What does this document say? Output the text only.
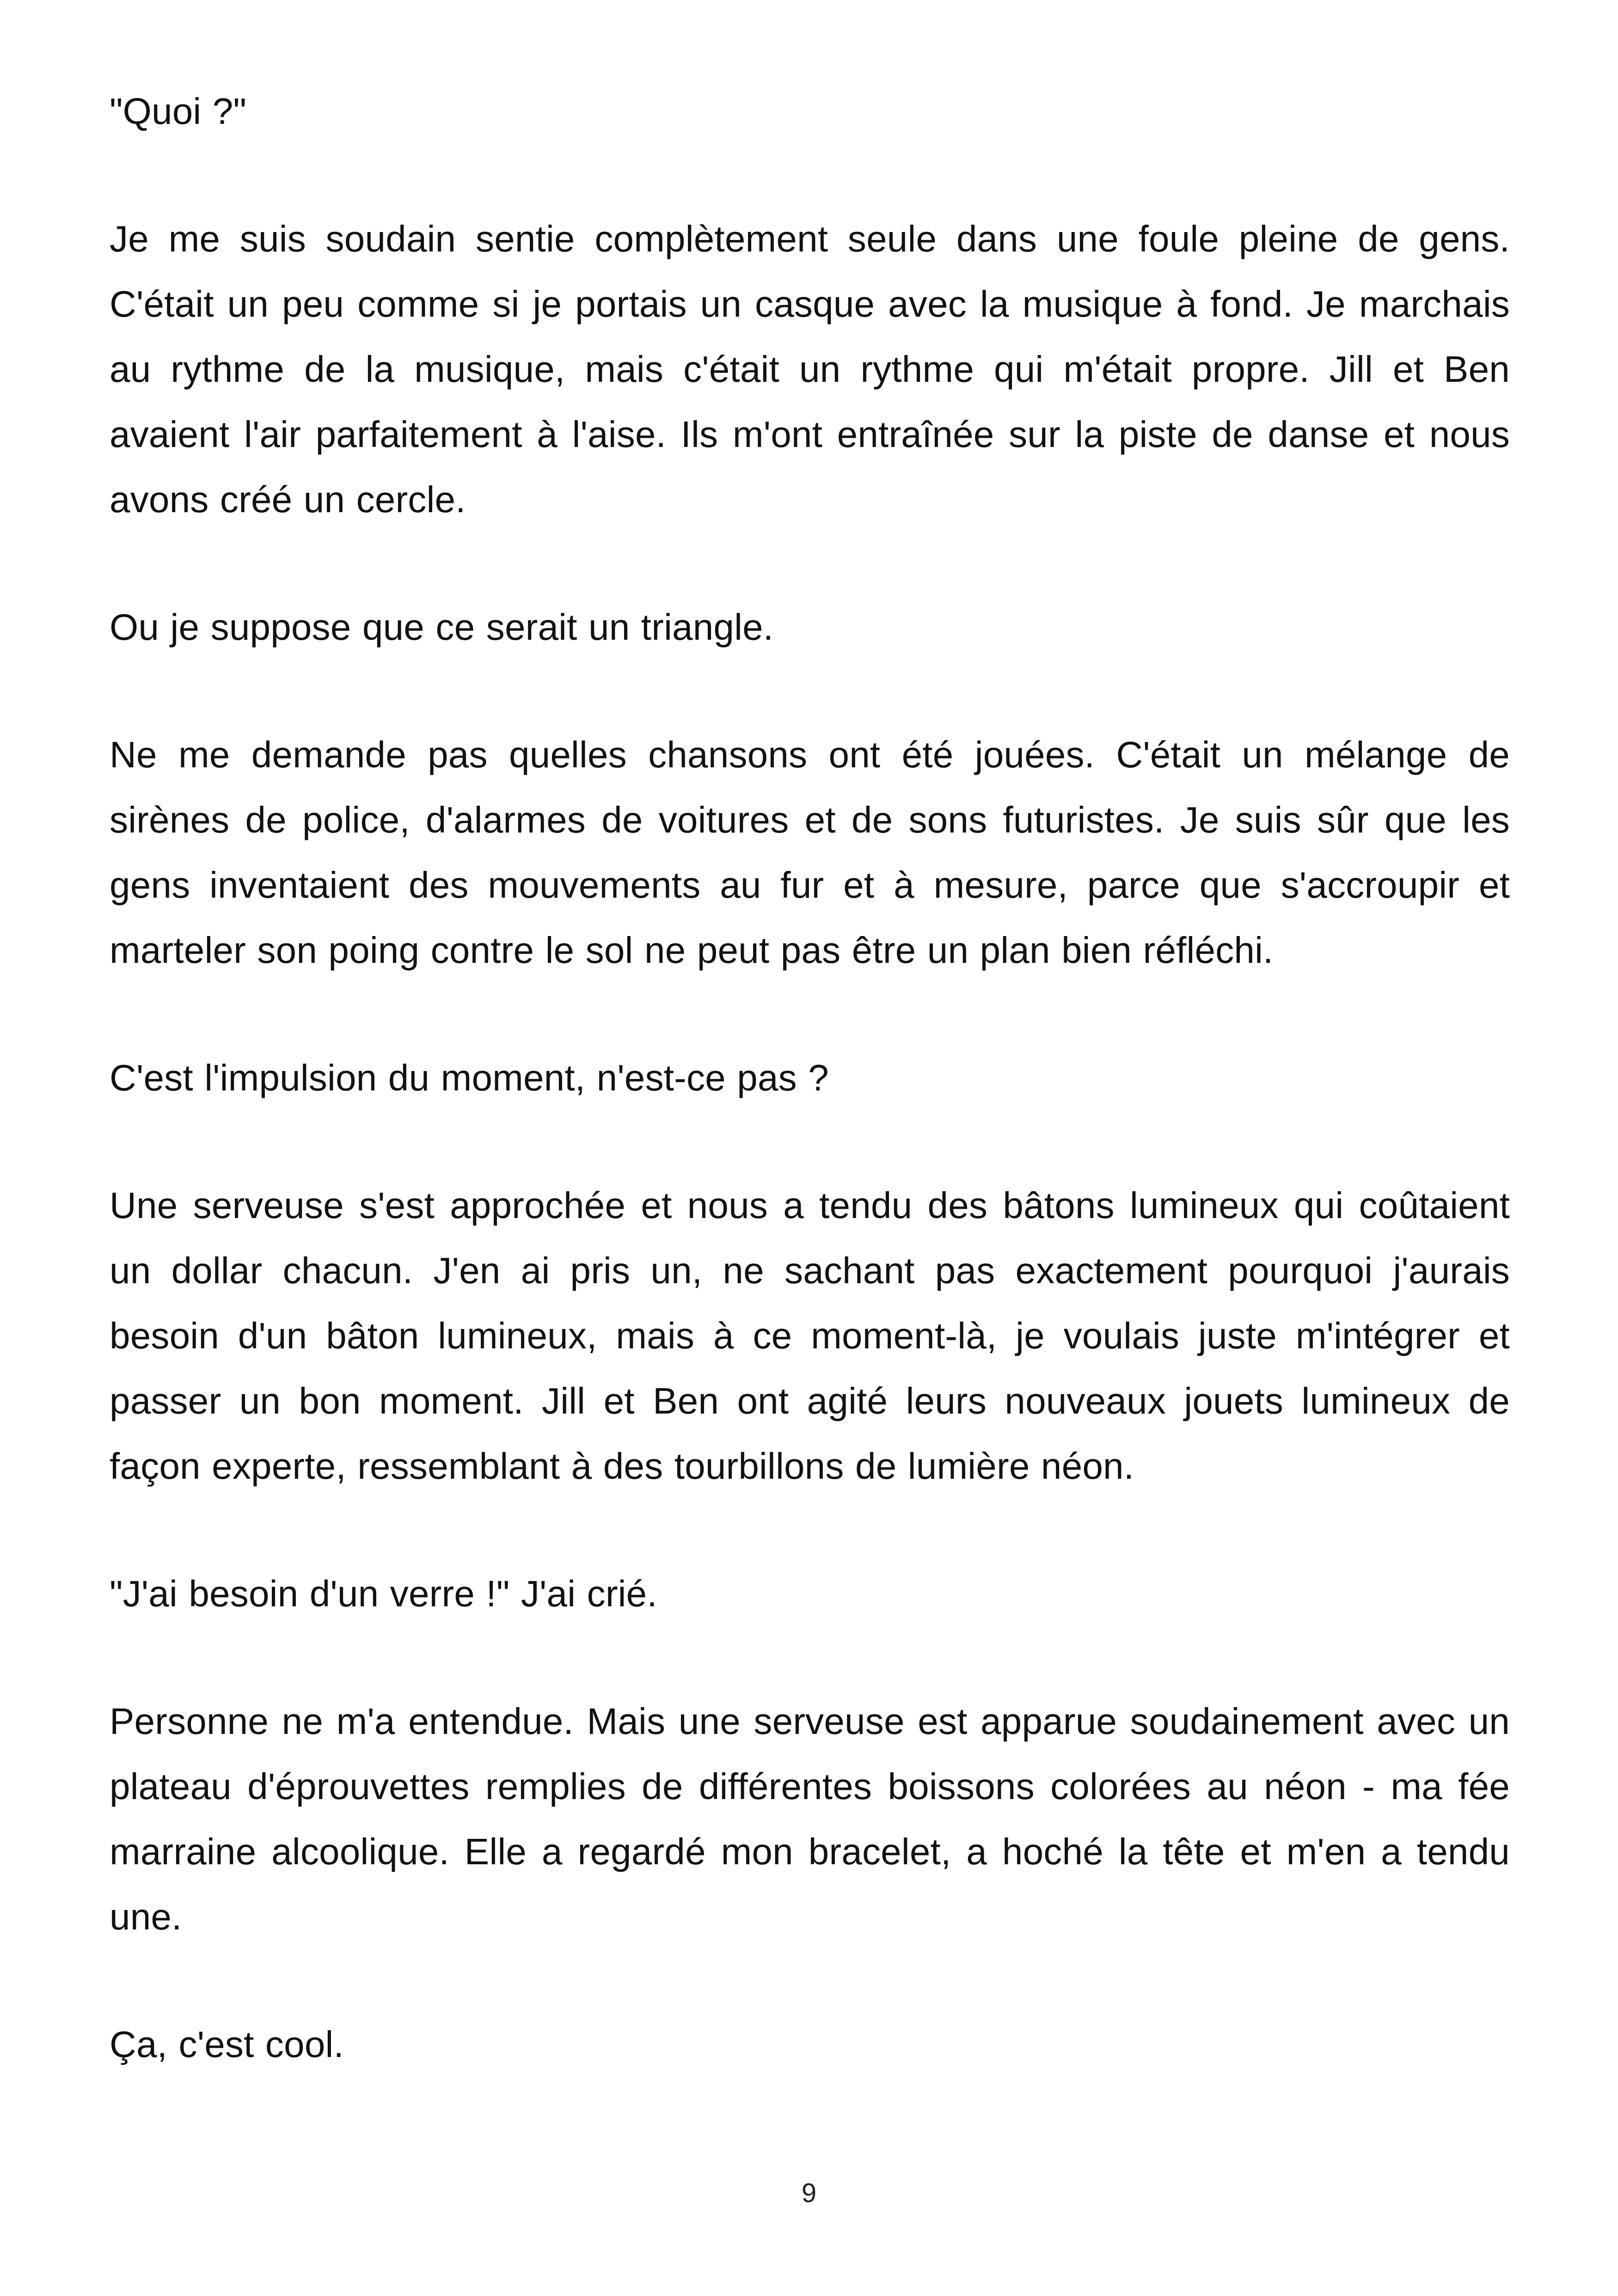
"Quoi ?"

Je me suis soudain sentie complètement seule dans une foule pleine de gens. C'était un peu comme si je portais un casque avec la musique à fond. Je marchais au rythme de la musique, mais c'était un rythme qui m'était propre. Jill et Ben avaient l'air parfaitement à l'aise. Ils m'ont entraînée sur la piste de danse et nous avons créé un cercle.

Ou je suppose que ce serait un triangle.

Ne me demande pas quelles chansons ont été jouées. C'était un mélange de sirènes de police, d'alarmes de voitures et de sons futuristes. Je suis sûr que les gens inventaient des mouvements au fur et à mesure, parce que s'accroupir et marteler son poing contre le sol ne peut pas être un plan bien réfléchi.

C'est l'impulsion du moment, n'est-ce pas ?

Une serveuse s'est approchée et nous a tendu des bâtons lumineux qui coûtaient un dollar chacun. J'en ai pris un, ne sachant pas exactement pourquoi j'aurais besoin d'un bâton lumineux, mais à ce moment-là, je voulais juste m'intégrer et passer un bon moment. Jill et Ben ont agité leurs nouveaux jouets lumineux de façon experte, ressemblant à des tourbillons de lumière néon.

"J'ai besoin d'un verre !" J'ai crié.

Personne ne m'a entendue. Mais une serveuse est apparue soudainement avec un plateau d'éprouvettes remplies de différentes boissons colorées au néon - ma fée marraine alcoolique. Elle a regardé mon bracelet, a hoché la tête et m'en a tendu une.

Ça, c'est cool.

9
